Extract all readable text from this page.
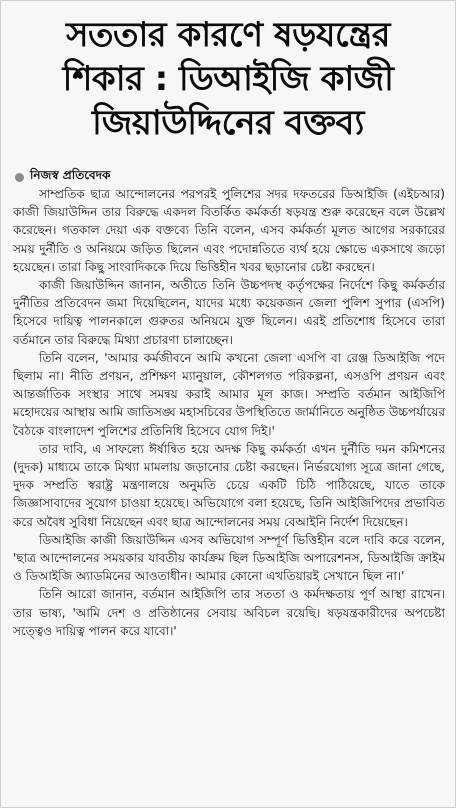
সততার কারণে ষড়যন্ত্রের
শিকার : ডিআইজি কাজী
জিয়াউদ্দিনের বক্তব্য
নিজস্ব প্রতিবেদক

সাম্প্রতিক ছাত্র আন্দোলনের পরপরই পুলিশের সদর দফতরের ডিআইজি (এইচআর) কাজী জিয়াউদ্দিন তার বিরুদ্ধে একদল বিতর্কিত কর্মকর্তা ষড়যন্ত্র শুরু করেছেন বলে উল্লেখ করেছেন। গতকাল দেয়া এক বক্তব্যে তিনি বলেন, এসব কর্মকর্তা মূলত আগের সরকারের সময় দুর্নীতি ও অনিয়মে জড়িত ছিলেন এবং পদোন্নতিতে ব্যর্থ হয়ে ক্ষোভে একসাথে জড়ো হয়েছেন। তারা কিছু সাংবাদিককে দিয়ে ভিত্তিহীন খবর ছড়ানোর চেষ্টা করছেন।

কাজী জিয়াউদ্দিন জানান, অতীতে তিনি উচ্চপদস্থ কর্তৃপক্ষের নির্দেশে কিছু কর্মকর্তার দুর্নীতির প্রতিবেদন জমা দিয়েছিলেন, যাদের মধ্যে কয়েকজন জেলা পুলিশ সুপার (এসপি) হিসেবে দায়িত্ব পালনকালে গুরুতর অনিয়মে যুক্ত ছিলেন। এরই প্রতিশোধ হিসেবে তারা বর্তমানে তার বিরুদ্ধে মিথ্যা প্রচারণা চালাচ্ছেন।

তিনি বলেন, 'আমার কর্মজীবনে আমি কখনো জেলা এসপি বা রেঞ্জ ডিআইজি পদে ছিলাম না। নীতি প্রণয়ন, প্রশিক্ষণ ম্যানুয়াল, কৌশলগত পরিকল্পনা, এসওপি প্রণয়ন এবং আন্তর্জাতিক সংস্থার সাথে সমন্বয় করাই আমার মূল কাজ। সম্প্রতি বর্তমান আইজিপি মহোদয়ের আস্থায় আমি জাতিসঙ্ঘ মহাসচিবের উপস্থিতিতে জার্মানিতে অনুষ্ঠিত উচ্চপর্যায়ের বৈঠকে বাংলাদেশ পুলিশের প্রতিনিধি হিসেবে যোগ দিই।'

তার দাবি, এ সাফল্যে ঈর্ষান্বিত হয়ে অদক্ষ কিছু কর্মকর্তা এখন দুর্নীতি দমন কমিশনের (দুদক) মাধ্যমে তাকে মিথ্যা মামলায় জড়ানোর চেষ্টা করছেন। নির্ভরযোগ্য সূত্রে জানা গেছে, দুদক সম্প্রতি স্বরাষ্ট্র মন্ত্রণালয়ে অনুমতি চেয়ে একটি চিঠি পাঠিয়েছে, যাতে তাকে জিজ্ঞাসাবাদের সুযোগ চাওয়া হয়েছে। অভিযোগে বলা হয়েছে, তিনি আইজিপিদের প্রভাবিত করে অবৈধ সুবিধা নিয়েছেন এবং ছাত্র আন্দোলনের সময় বেআইনি নির্দেশ দিয়েছেন।

ডিআইজি কাজী জিয়াউদ্দিন এসব অভিযোগ সম্পূর্ণ ভিত্তিহীন বলে দাবি করে বলেন, 'ছাত্র আন্দোলনের সময়কার যাবতীয় কার্যক্রম ছিল ডিআইজি অপারেশনস, ডিআইজি ক্রাইম ও ডিআইজি অ্যাডমিনের আওতাধীন। আমার কোনো এখতিয়ারই সেখানে ছিল না।'

তিনি আরো জানান, বর্তমান আইজিপি তার সততা ও কর্মদক্ষতায় পূর্ণ আস্থা রাখেন। তার ভাষ্য, 'আমি দেশ ও প্রতিষ্ঠানের সেবায় অবিচল রয়েছি। ষড়যন্ত্রকারীদের অপচেষ্টা সত্ত্বেও দায়িত্ব পালন করে যাবো।'
